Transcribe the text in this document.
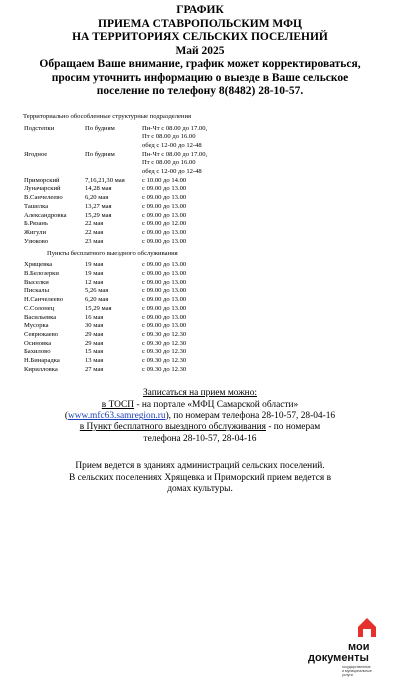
ГРАФИК
ПРИЕМА СТАВРОПОЛЬСКИМ МФЦ
НА ТЕРРИТОРИЯХ СЕЛЬСКИХ ПОСЕЛЕНИЙ
Май 2025
Обращаем Ваше внимание, график может корректироваться,
просим уточнить информацию о выезде в Ваше сельское
поселение по телефону 8(8482) 28-10-57.
Территориально обособленные структурные подразделения
Подстепки	По будням	Пн-Чт с 08.00 до 17.00,
Пт с 08.00 до 16.00
обед с 12-00 до 12-48

Ягодное	По будням	Пн-Чт с 08.00 до 17.00,
Пт с 08.00 до 16.00
обед с 12-00 до 12-48

Приморский	7,16,21,30 мая	с 10.00 до 14.00

Луначарский	14,28 мая	с 09.00 до 13.00

В.Санчелеево	6,20 мая	с 09.00 до 13.00

Ташелка	13,27 мая	с 09.00 до 13.00

Александровка	15,29 мая	с 09.00 до 13.00

Б.Рязань	22 мая	с 09.00 до 12.00

Жигули	22 мая	с 09.00 до 13.00

Узюково	23 мая	с 09.00 до 13.00
Пункты бесплатного выездного обслуживания
Хрящевка	19 мая	с 09.00 до 13.00

В.Белозерки	19 мая	с 09.00 до 13.00

Выселки	12 мая	с 09.00 до 13.00

Пискалы	5,26 мая	с 09.00 до 13.00

Н.Санчелеево	6,20 мая	с 09.00 до 13.00

С.Солонец	15,29 мая	с 09.00 до 13.00

Васильевка	16 мая	с 09.00 до 13.00

Мусорка	30 мая	с 09.00 до 13.00

Севрюкаево	29 мая	с 09.30 до 12.30

Осиновка	29 мая	с 09.30 до 12.30

Бахилово	15 мая	с 09.30 до 12.30

Н.Бинарадка	13 мая	с 09.30 до 12.30

Кирилловка	27 мая	с 09.30 до 12.30
Записаться на прием можно:
в ТОСП - на портале «МФЦ Самарской области»
(www.mfc63.samregion.ru), по номерам телефона 28-10-57, 28-04-16
в Пункт бесплатного выездного обслуживания - по номерам
телефона 28-10-57, 28-04-16
Прием ведется в зданиях администраций сельских поселений.
В сельских поселениях Хрящевка и Приморский прием ведется в
домах культуры.
мои
документы
государственные
и муниципальные услуги
